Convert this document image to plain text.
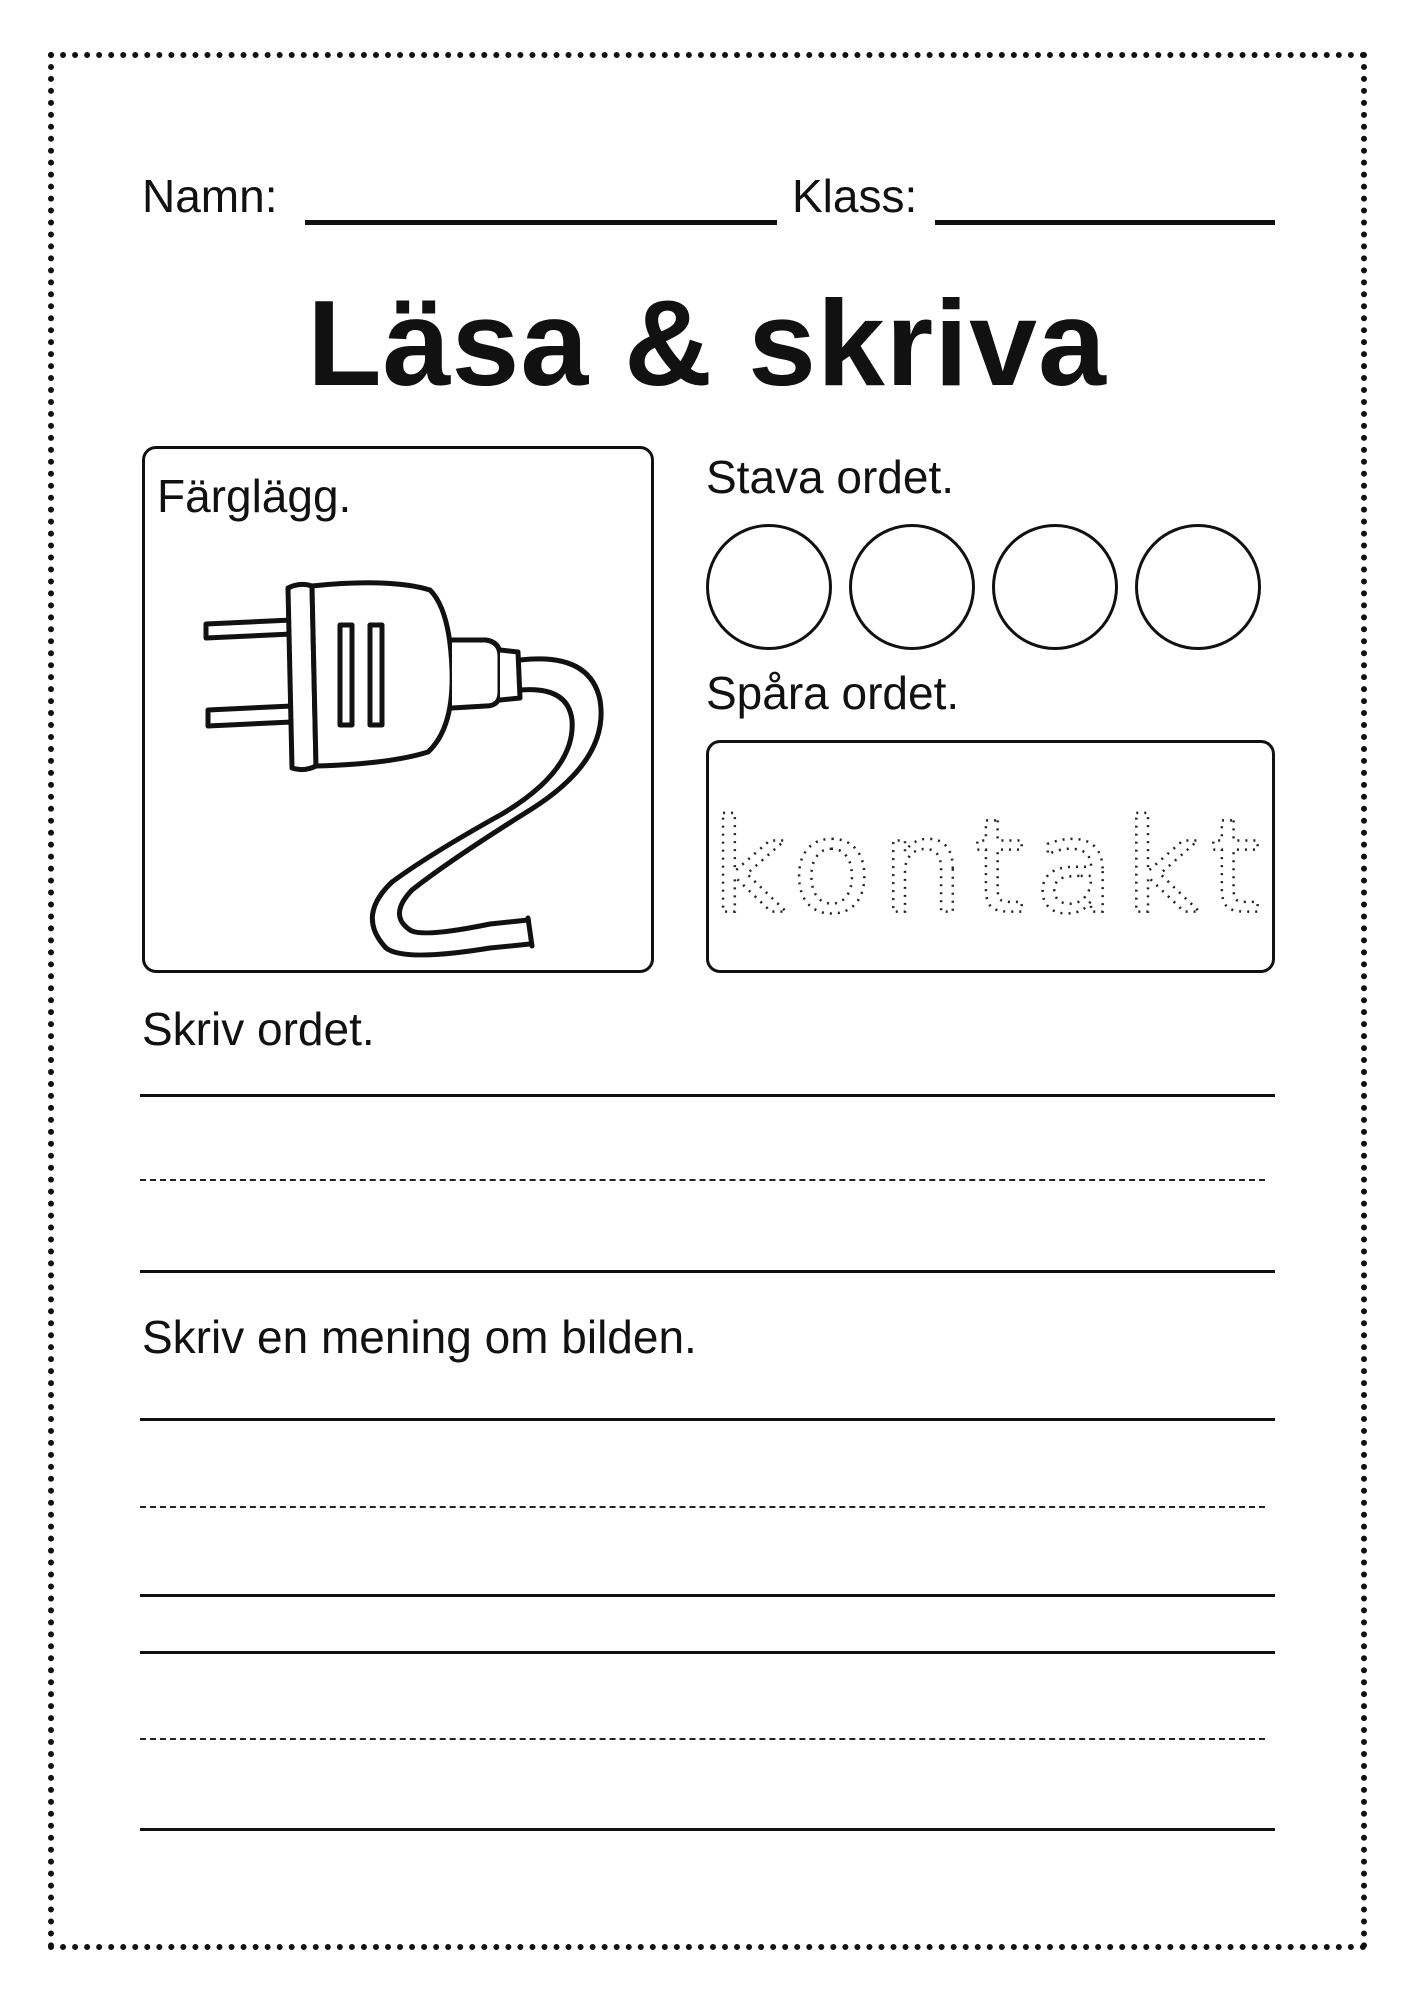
Namn:	Klass:
Läsa & skriva
Färglägg.	Stava ordet.
Spåra ordet.
kontakt
Skriv ordet.
Skriv en mening om bilden.
